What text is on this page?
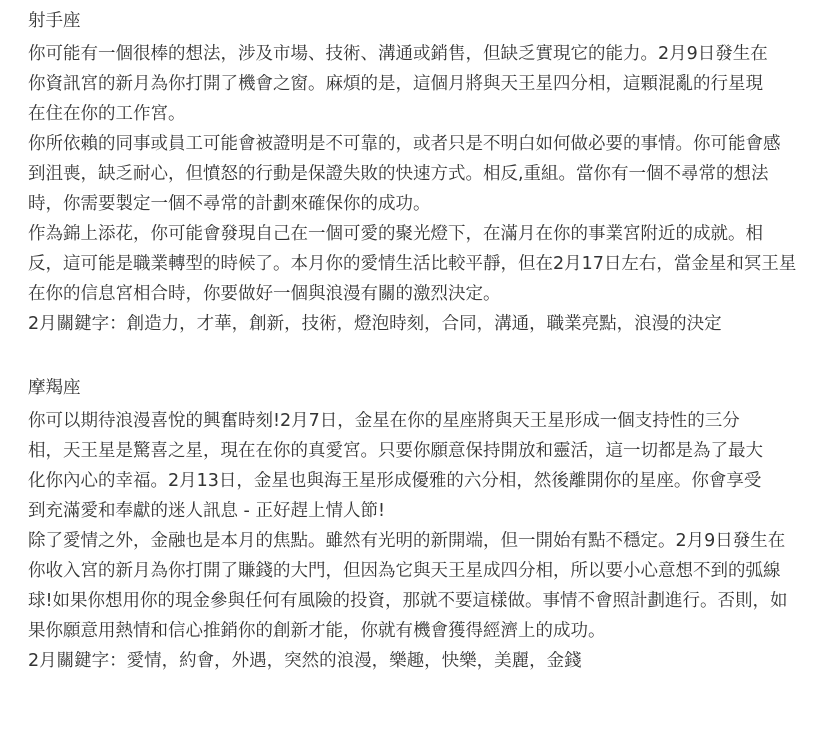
射手座

你可能有一個很棒的想法，涉及市場、技術、溝通或銷售，但缺乏實現它的能力。2月9日發生在
你資訊宮的新月為你打開了機會之窗。麻煩的是，這個月將與天王星四分相，這顆混亂的行星現
在住在你的工作宮。

你所依賴的同事或員工可能會被證明是不可靠的，或者只是不明白如何做必要的事情。你可能會感
到沮喪，缺乏耐心，但憤怒的行動是保證失敗的快速方式。相反,重組。當你有一個不尋常的想法
時，你需要製定一個不尋常的計劃來確保你的成功。

作為錦上添花，你可能會發現自己在一個可愛的聚光燈下，在滿月在你的事業宮附近的成就。相
反，這可能是職業轉型的時候了。本月你的愛情生活比較平靜，但在2月17日左右，當金星和冥王星
在你的信息宮相合時，你要做好一個與浪漫有關的激烈決定。

2月關鍵字：創造力，才華，創新，技術，燈泡時刻，合同，溝通，職業亮點，浪漫的決定

摩羯座

你可以期待浪漫喜悅的興奮時刻!2月7日，金星在你的星座將與天王星形成一個支持性的三分
相，天王星是驚喜之星，現在在你的真愛宮。只要你願意保持開放和靈活，這一切都是為了最大
化你內心的幸福。2月13日，金星也與海王星形成優雅的六分相，然後離開你的星座。你會享受
到充滿愛和奉獻的迷人訊息 - 正好趕上情人節!

除了愛情之外，金融也是本月的焦點。雖然有光明的新開端，但一開始有點不穩定。2月9日發生在
你收入宮的新月為你打開了賺錢的大門，但因為它與天王星成四分相，所以要小心意想不到的弧線
球!如果你想用你的現金參與任何有風險的投資，那就不要這樣做。事情不會照計劃進行。否則，如
果你願意用熱情和信心推銷你的創新才能，你就有機會獲得經濟上的成功。

2月關鍵字：愛情，約會，外遇，突然的浪漫，樂趣，快樂，美麗，金錢
